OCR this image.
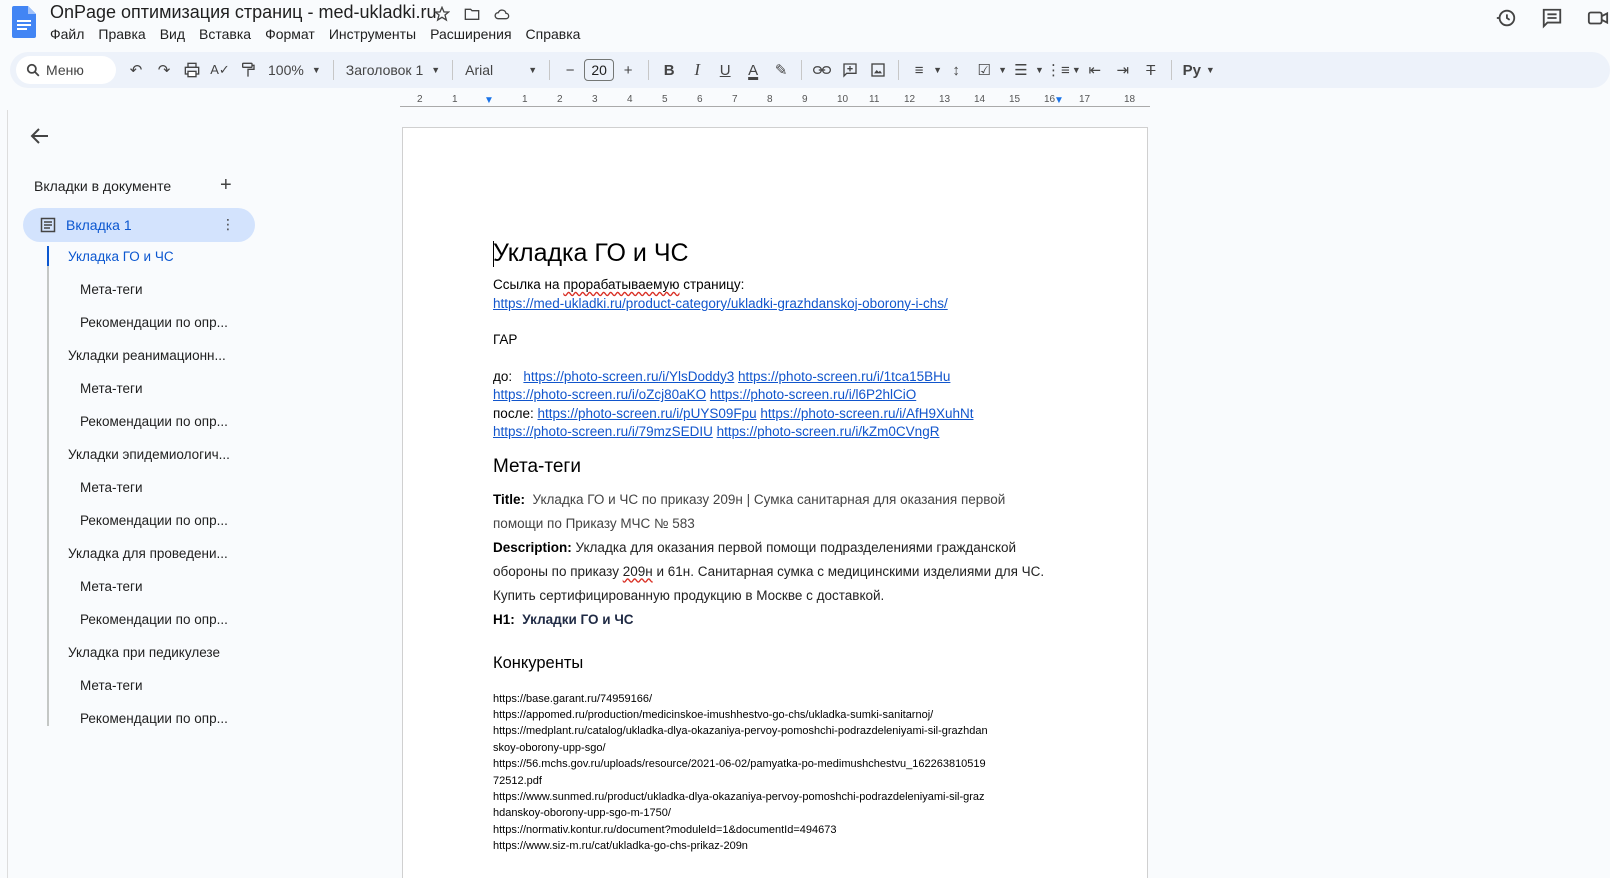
OnPage оптимизация страниц - med-ukladki.ru
Файл	Правка	Вид	Вставка	Формат	Инструменты	Расширения	Справка
Меню	↶	↷	A✓	100% ▼ Заголовок 1 ▼ Arial	▼	−	20	+	B	I	U	A	✎	≡	▼ ↕	☑ ▼ ☰ ▼ ⋮≡ ▼ ⇤	⇥	T	Pу ▼
2	1	1	2	3	4	5	6	7	8	9	10 11 12 13 14 15 16 17	18
▼	▼
Вкладки в документе +
Вкладка 1	⋮
Укладка ГО и ЧС
Мета-теги
Рекомендации по опр...
Укладки реанимационн...
Мета-теги
Рекомендации по опр...
Укладки эпидемиологич...
Мета-теги
Рекомендации по опр...
Укладка для проведени...
Мета-теги
Рекомендации по опр...
Укладка при педикулезе
Мета-теги
Рекомендации по опр...
Укладка ГО и ЧС
Ссылка на прорабатываемую страницу:
https://med-ukladki.ru/product-category/ukladki-grazhdanskoj-oborony-i-chs/
ГАР
до: https://photo-screen.ru/i/YlsDoddy3 https://photo-screen.ru/i/1tca15BHu
https://photo-screen.ru/i/oZcj80aKO https://photo-screen.ru/i/l6P2hlCiO
после: https://photo-screen.ru/i/pUYS09Fpu https://photo-screen.ru/i/AfH9XuhNt
https://photo-screen.ru/i/79mzSEDIU https://photo-screen.ru/i/kZm0CVngR
Мета-теги
Title: Укладка ГО и ЧС по приказу 209н | Сумка санитарная для оказания первой
помощи по Приказу МЧС № 583
Description: Укладка для оказания первой помощи подразделениями гражданской
обороны по приказу 209н и 61н. Санитарная сумка с медицинскими изделиями для ЧС.
Купить сертифицированную продукцию в Москве с доставкой.
H1: Укладки ГО и ЧС
Конкуренты
https://base.garant.ru/74959166/
https://appomed.ru/production/medicinskoe-imushhestvo-go-chs/ukladka-sumki-sanitarnoj/
https://medplant.ru/catalog/ukladka-dlya-okazaniya-pervoy-pomoshchi-podrazdeleniyami-sil-grazhdan
skoy-oborony-upp-sgo/
https://56.mchs.gov.ru/uploads/resource/2021-06-02/pamyatka-po-medimushchestvu_162263810519
72512.pdf
https://www.sunmed.ru/product/ukladka-dlya-okazaniya-pervoy-pomoshchi-podrazdeleniyami-sil-graz
hdanskoy-oborony-upp-sgo-m-1750/
https://normativ.kontur.ru/document?moduleId=1&documentId=494673
https://www.siz-m.ru/cat/ukladka-go-chs-prikaz-209n
